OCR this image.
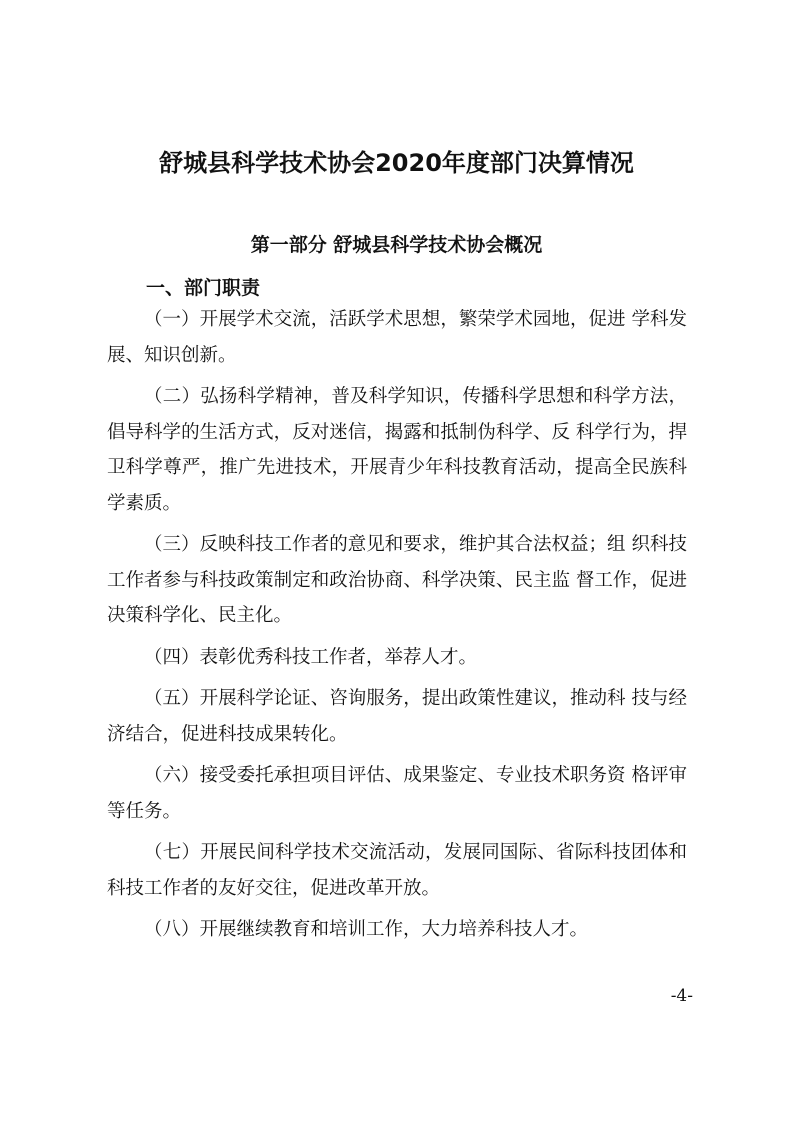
舒城县科学技术协会2020年度部门决算情况
第一部分 舒城县科学技术协会概况
一、部门职责

（一）开展学术交流，活跃学术思想，繁荣学术园地，促进 学科发展、知识创新。

（二）弘扬科学精神，普及科学知识，传播科学思想和科学方法，倡导科学的生活方式，反对迷信，揭露和抵制伪科学、反 科学行为，捍卫科学尊严，推广先进技术，开展青少年科技教育活动，提高全民族科学素质。

（三）反映科技工作者的意见和要求，维护其合法权益；组 织科技工作者参与科技政策制定和政治协商、科学决策、民主监 督工作，促进决策科学化、民主化。

（四）表彰优秀科技工作者，举荐人才。

（五）开展科学论证、咨询服务，提出政策性建议，推动科 技与经济结合，促进科技成果转化。

（六）接受委托承担项目评估、成果鉴定、专业技术职务资 格评审等任务。

（七）开展民间科学技术交流活动，发展同国际、省际科技团体和科技工作者的友好交往，促进改革开放。

（八）开展继续教育和培训工作，大力培养科技人才。

-4-
